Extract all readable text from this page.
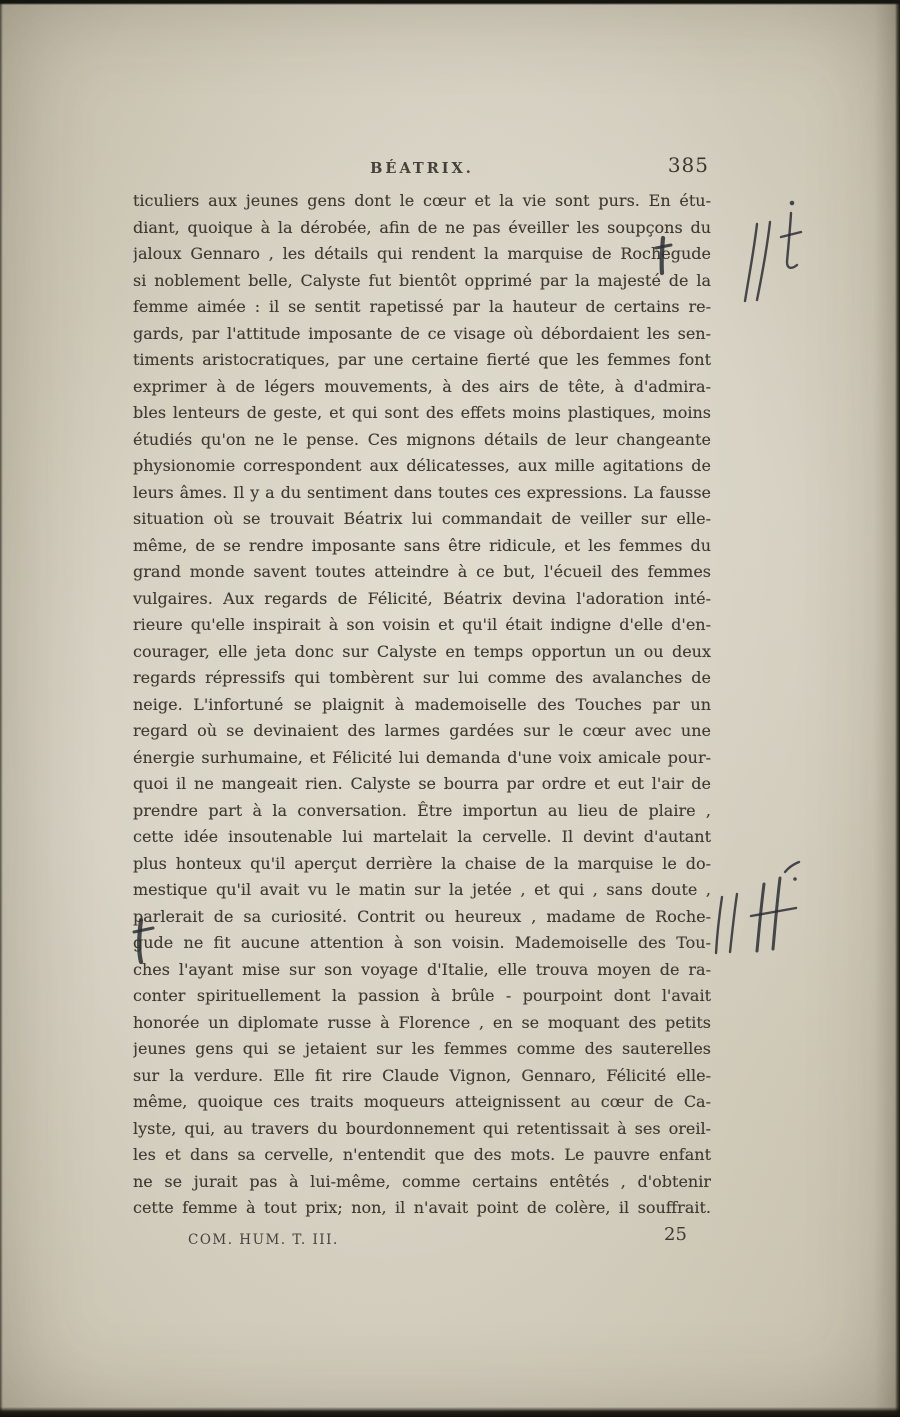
BÉATRIX.	385
ticuliers aux jeunes gens dont le cœur et la vie sont purs. En étu-
diant, quoique à la dérobée, afin de ne pas éveiller les soupçons du
jaloux Gennaro , les détails qui rendent la marquise de Rochegude
si noblement belle, Calyste fut bientôt opprimé par la majesté de la
femme aimée : il se sentit rapetissé par la hauteur de certains re-
gards, par l'attitude imposante de ce visage où débordaient les sen-
timents aristocratiques, par une certaine fierté que les femmes font
exprimer à de légers mouvements, à des airs de tête, à d'admira-
bles lenteurs de geste, et qui sont des effets moins plastiques, moins
étudiés qu'on ne le pense. Ces mignons détails de leur changeante
physionomie correspondent aux délicatesses, aux mille agitations de
leurs âmes. Il y a du sentiment dans toutes ces expressions. La fausse
situation où se trouvait Béatrix lui commandait de veiller sur elle-
même, de se rendre imposante sans être ridicule, et les femmes du
grand monde savent toutes atteindre à ce but, l'écueil des femmes
vulgaires. Aux regards de Félicité, Béatrix devina l'adoration inté-
rieure qu'elle inspirait à son voisin et qu'il était indigne d'elle d'en-
courager, elle jeta donc sur Calyste en temps opportun un ou deux
regards répressifs qui tombèrent sur lui comme des avalanches de
neige. L'infortuné se plaignit à mademoiselle des Touches par un
regard où se devinaient des larmes gardées sur le cœur avec une
énergie surhumaine, et Félicité lui demanda d'une voix amicale pour-
quoi il ne mangeait rien. Calyste se bourra par ordre et eut l'air de
prendre part à la conversation. Être importun au lieu de plaire ,
cette idée insoutenable lui martelait la cervelle. Il devint d'autant
plus honteux qu'il aperçut derrière la chaise de la marquise le do-
mestique qu'il avait vu le matin sur la jetée , et qui , sans doute ,
parlerait de sa curiosité. Contrit ou heureux , madame de Roche-
gude ne fit aucune attention à son voisin. Mademoiselle des Tou-
ches l'ayant mise sur son voyage d'Italie, elle trouva moyen de ra-
conter spirituellement la passion à brûle - pourpoint dont l'avait
honorée un diplomate russe à Florence , en se moquant des petits
jeunes gens qui se jetaient sur les femmes comme des sauterelles
sur la verdure. Elle fit rire Claude Vignon, Gennaro, Félicité elle-
même, quoique ces traits moqueurs atteignissent au cœur de Ca-
lyste, qui, au travers du bourdonnement qui retentissait à ses oreil-
les et dans sa cervelle, n'entendit que des mots. Le pauvre enfant
ne se jurait pas à lui-même, comme certains entêtés , d'obtenir
cette femme à tout prix; non, il n'avait point de colère, il souffrait.
COM. HUM. T. III.	25
